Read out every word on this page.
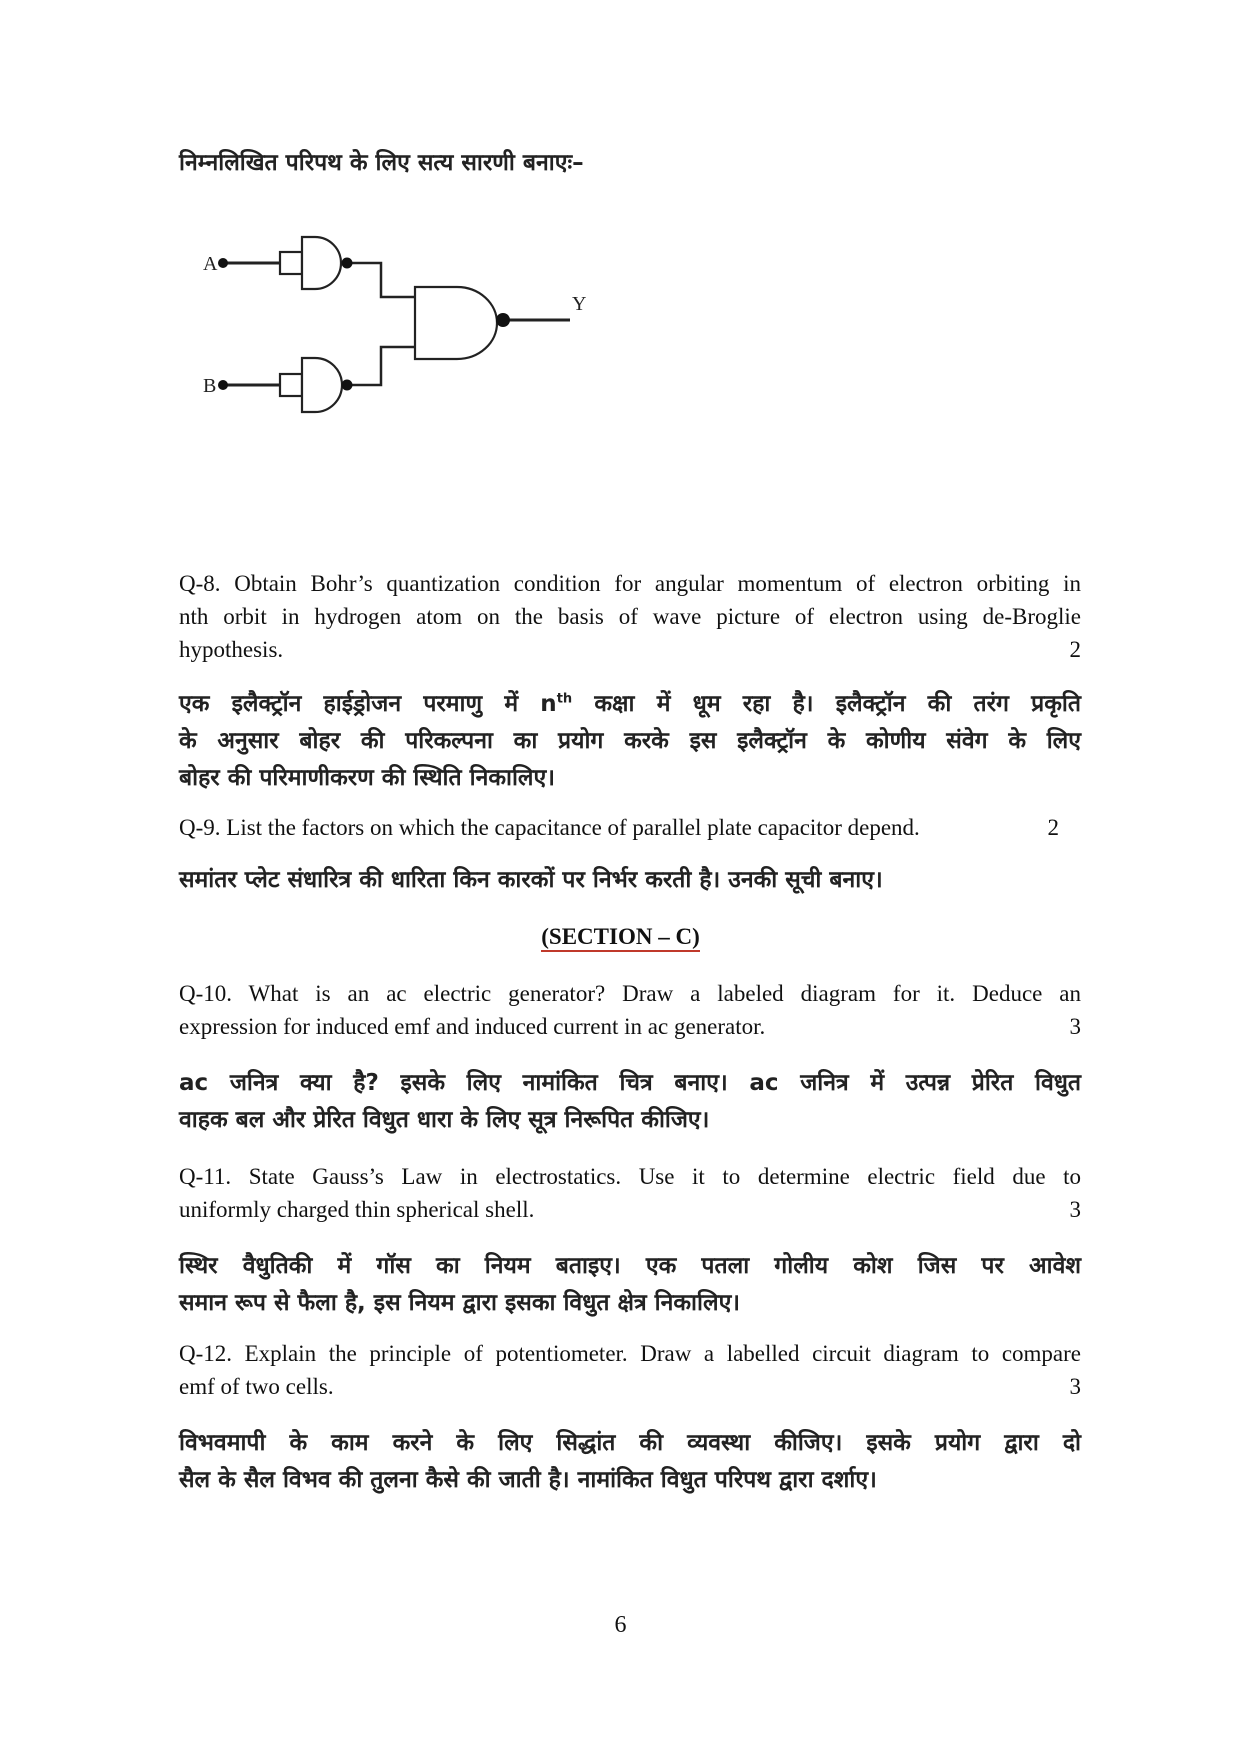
निम्नलिखित परिपथ के लिए सत्य सारणी बनाएः–
A
B
Y
Q-8. Obtain Bohr’s quantization condition for angular momentum of electron orbiting in
nth orbit in hydrogen atom on the basis of wave picture of electron using de-Broglie
hypothesis.	2
एक इलैक्ट्रॉन हाईड्रोजन परमाणु में $n^{th}$ कक्षा में धूम रहा है। इलैक्ट्रॉन की तरंग प्रकृति
के अनुसार बोहर की परिकल्पना का प्रयोग करके इस इलैक्ट्रॉन के कोणीय संवेग के लिए
बोहर की परिमाणीकरण की स्थिति निकालिए।
Q-9. List the factors on which the capacitance of parallel plate capacitor depend.	2
समांतर प्लेट संधारित्र की धारिता किन कारकों पर निर्भर करती है। उनकी सूची बनाए।
(SECTION – C)
Q-10. What is an ac electric generator? Draw a labeled diagram for it. Deduce an
expression for induced emf and induced current in ac generator.	3
ac जनित्र क्या है? इसके लिए नामांकित चित्र बनाए। ac जनित्र में उत्पन्न प्रेरित विधुत
वाहक बल और प्रेरित विधुत धारा के लिए सूत्र निरूपित कीजिए।
Q-11. State Gauss’s Law in electrostatics. Use it to determine electric field due to
uniformly charged thin spherical shell.	3
स्थिर वैधुतिकी में गॉस का नियम बताइए। एक पतला गोलीय कोश जिस पर आवेश
समान रूप से फैला है, इस नियम द्वारा इसका विधुत क्षेत्र निकालिए।
Q-12. Explain the principle of potentiometer. Draw a labelled circuit diagram to compare
emf of two cells.	3
विभवमापी के काम करने के लिए सिद्धांत की व्यवस्था कीजिए। इसके प्रयोग द्वारा दो
सैल के सैल विभव की तुलना कैसे की जाती है। नामांकित विधुत परिपथ द्वारा दर्शाए।
6
